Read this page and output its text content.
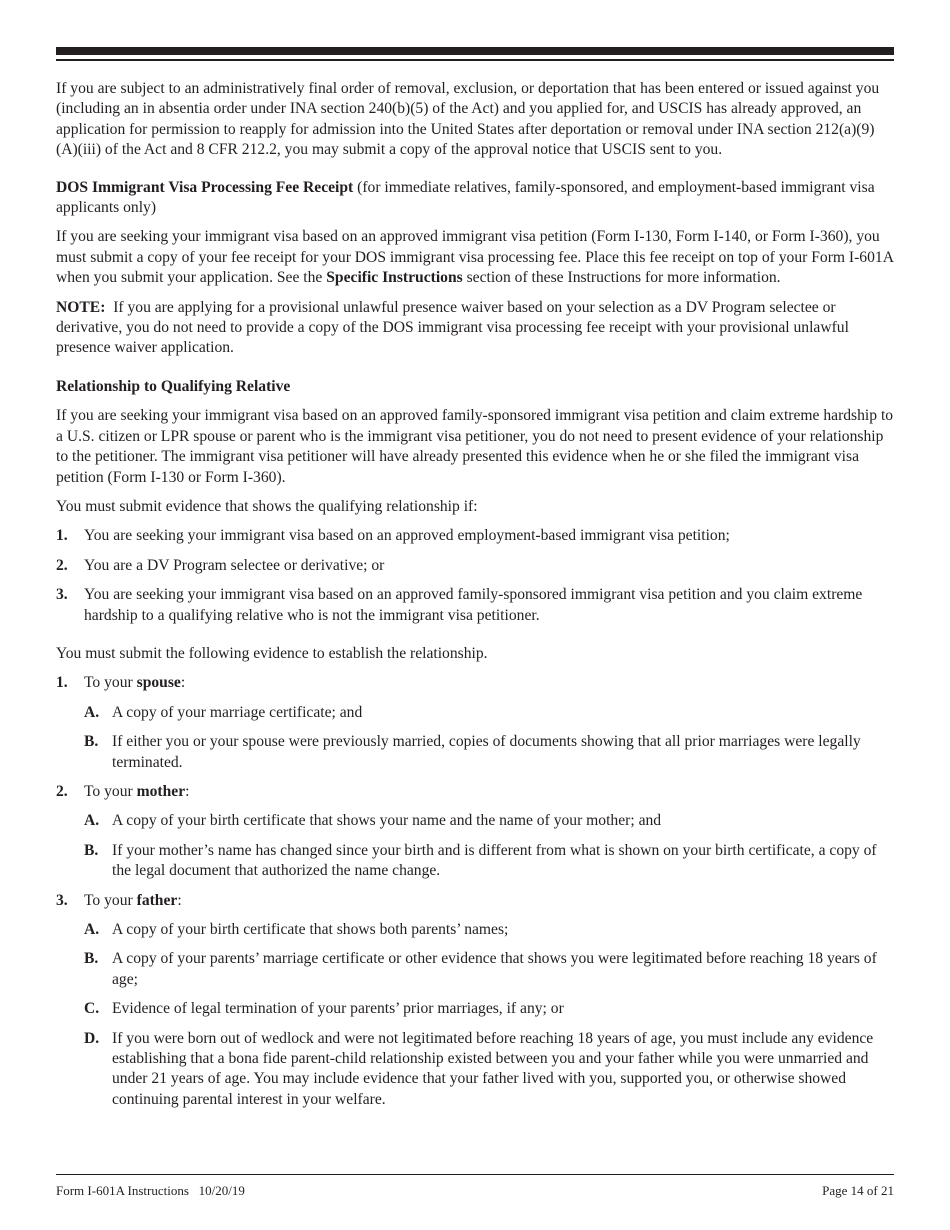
If you are subject to an administratively final order of removal, exclusion, or deportation that has been entered or issued against you (including an in absentia order under INA section 240(b)(5) of the Act) and you applied for, and USCIS has already approved, an application for permission to reapply for admission into the United States after deportation or removal under INA section 212(a)(9)(A)(iii) of the Act and 8 CFR 212.2, you may submit a copy of the approval notice that USCIS sent to you.

DOS Immigrant Visa Processing Fee Receipt (for immediate relatives, family-sponsored, and employment-based immigrant visa applicants only)

If you are seeking your immigrant visa based on an approved immigrant visa petition (Form I-130, Form I-140, or Form I-360), you must submit a copy of your fee receipt for your DOS immigrant visa processing fee. Place this fee receipt on top of your Form I-601A when you submit your application. See the Specific Instructions section of these Instructions for more information.

NOTE:  If you are applying for a provisional unlawful presence waiver based on your selection as a DV Program selectee or derivative, you do not need to provide a copy of the DOS immigrant visa processing fee receipt with your provisional unlawful presence waiver application.

Relationship to Qualifying Relative

If you are seeking your immigrant visa based on an approved family-sponsored immigrant visa petition and claim extreme hardship to a U.S. citizen or LPR spouse or parent who is the immigrant visa petitioner, you do not need to present evidence of your relationship to the petitioner. The immigrant visa petitioner will have already presented this evidence when he or she filed the immigrant visa petition (Form I-130 or Form I-360).

You must submit evidence that shows the qualifying relationship if:

1. You are seeking your immigrant visa based on an approved employment-based immigrant visa petition;
2. You are a DV Program selectee or derivative; or
3. You are seeking your immigrant visa based on an approved family-sponsored immigrant visa petition and you claim extreme hardship to a qualifying relative who is not the immigrant visa petitioner.

You must submit the following evidence to establish the relationship.

1. To your spouse:
A. A copy of your marriage certificate; and
B. If either you or your spouse were previously married, copies of documents showing that all prior marriages were legally terminated.
2. To your mother:
A. A copy of your birth certificate that shows your name and the name of your mother; and
B. If your mother’s name has changed since your birth and is different from what is shown on your birth certificate, a copy of the legal document that authorized the name change.
3. To your father:
A. A copy of your birth certificate that shows both parents’ names;
B. A copy of your parents’ marriage certificate or other evidence that shows you were legitimated before reaching 18 years of age;
C. Evidence of legal termination of your parents’ prior marriages, if any; or
D. If you were born out of wedlock and were not legitimated before reaching 18 years of age, you must include any evidence establishing that a bona fide parent-child relationship existed between you and your father while you were unmarried and under 21 years of age. You may include evidence that your father lived with you, supported you, or otherwise showed continuing parental interest in your welfare.
Form I-601A Instructions   10/20/19	Page 14 of 21
